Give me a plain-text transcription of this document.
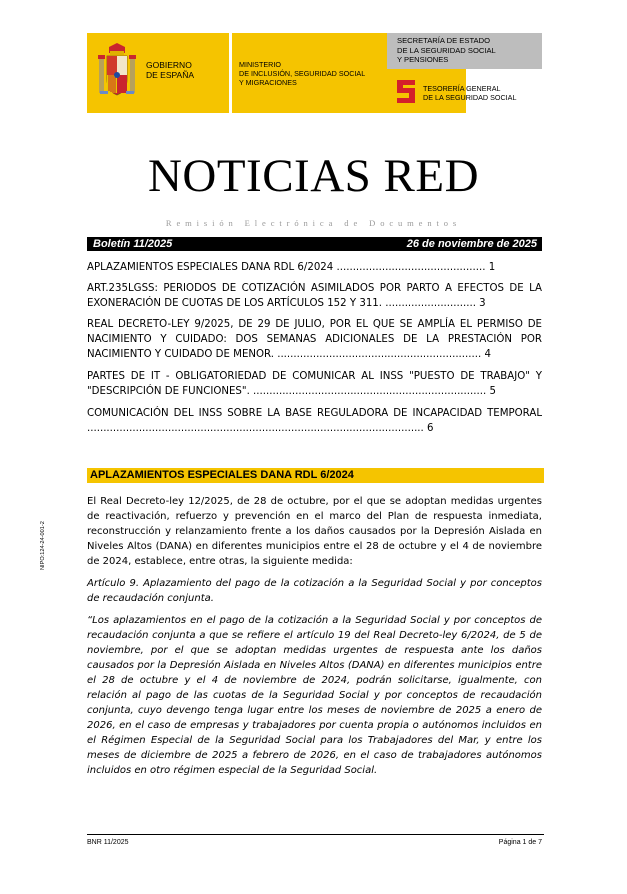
GOBIERNO
DE ESPAÑA
MINISTERIO
DE INCLUSIÓN, SEGURIDAD SOCIAL
Y MIGRACIONES
SECRETARÍA DE ESTADO
DE LA SEGURIDAD SOCIAL
Y PENSIONES
TESORERÍA GENERAL
DE LA SEGURIDAD SOCIAL
NOTICIAS RED
Remisión Electrónica de Documentos
Boletín 11/2025	26 de noviembre de 2025
APLAZAMIENTOS ESPECIALES DANA RDL 6/2024 .............................................. 1
ART.235LGSS: PERIODOS DE COTIZACIÓN ASIMILADOS POR PARTO A EFECTOS DE LA EXONERACIÓN DE CUOTAS DE LOS ARTÍCULOS 152 Y 311. ............................ 3
REAL DECRETO-LEY 9/2025, DE 29 DE JULIO, POR EL QUE SE AMPLÍA EL PERMISO DE NACIMIENTO Y CUIDADO: DOS SEMANAS ADICIONALES DE LA PRESTACIÓN POR NACIMIENTO Y CUIDADO DE MENOR. ............................................................... 4
PARTES DE IT - OBLIGATORIEDAD DE COMUNICAR AL INSS "PUESTO DE TRABAJO" Y "DESCRIPCIÓN DE FUNCIONES". ........................................................................ 5
COMUNICACIÓN DEL INSS SOBRE LA BASE REGULADORA DE INCAPACIDAD TEMPORAL ........................................................................................................ 6
APLAZAMIENTOS ESPECIALES DANA RDL 6/2024
NIPO:124-24-001-2
El Real Decreto-ley 12/2025, de 28 de octubre, por el que se adoptan medidas urgentes de reactivación, refuerzo y prevención en el marco del Plan de respuesta inmediata, reconstrucción y relanzamiento frente a los daños causados por la Depresión Aislada en Niveles Altos (DANA) en diferentes municipios entre el 28 de octubre y el 4 de noviembre de 2024, establece, entre otras, la siguiente medida:
Artículo 9. Aplazamiento del pago de la cotización a la Seguridad Social y por conceptos de recaudación conjunta.
“Los aplazamientos en el pago de la cotización a la Seguridad Social y por conceptos de recaudación conjunta a que se refiere el artículo 19 del Real Decreto-ley 6/2024, de 5 de noviembre, por el que se adoptan medidas urgentes de respuesta ante los daños causados por la Depresión Aislada en Niveles Altos (DANA) en diferentes municipios entre el 28 de octubre y el 4 de noviembre de 2024, podrán solicitarse, igualmente, con relación al pago de las cuotas de la Seguridad Social y por conceptos de recaudación conjunta, cuyo devengo tenga lugar entre los meses de noviembre de 2025 a enero de 2026, en el caso de empresas y trabajadores por cuenta propia o autónomos incluidos en el Régimen Especial de la Seguridad Social para los Trabajadores del Mar, y entre los meses de diciembre de 2025 a febrero de 2026, en el caso de trabajadores autónomos incluidos en otro régimen especial de la Seguridad Social.
BNR 11/2025	Página 1 de 7
